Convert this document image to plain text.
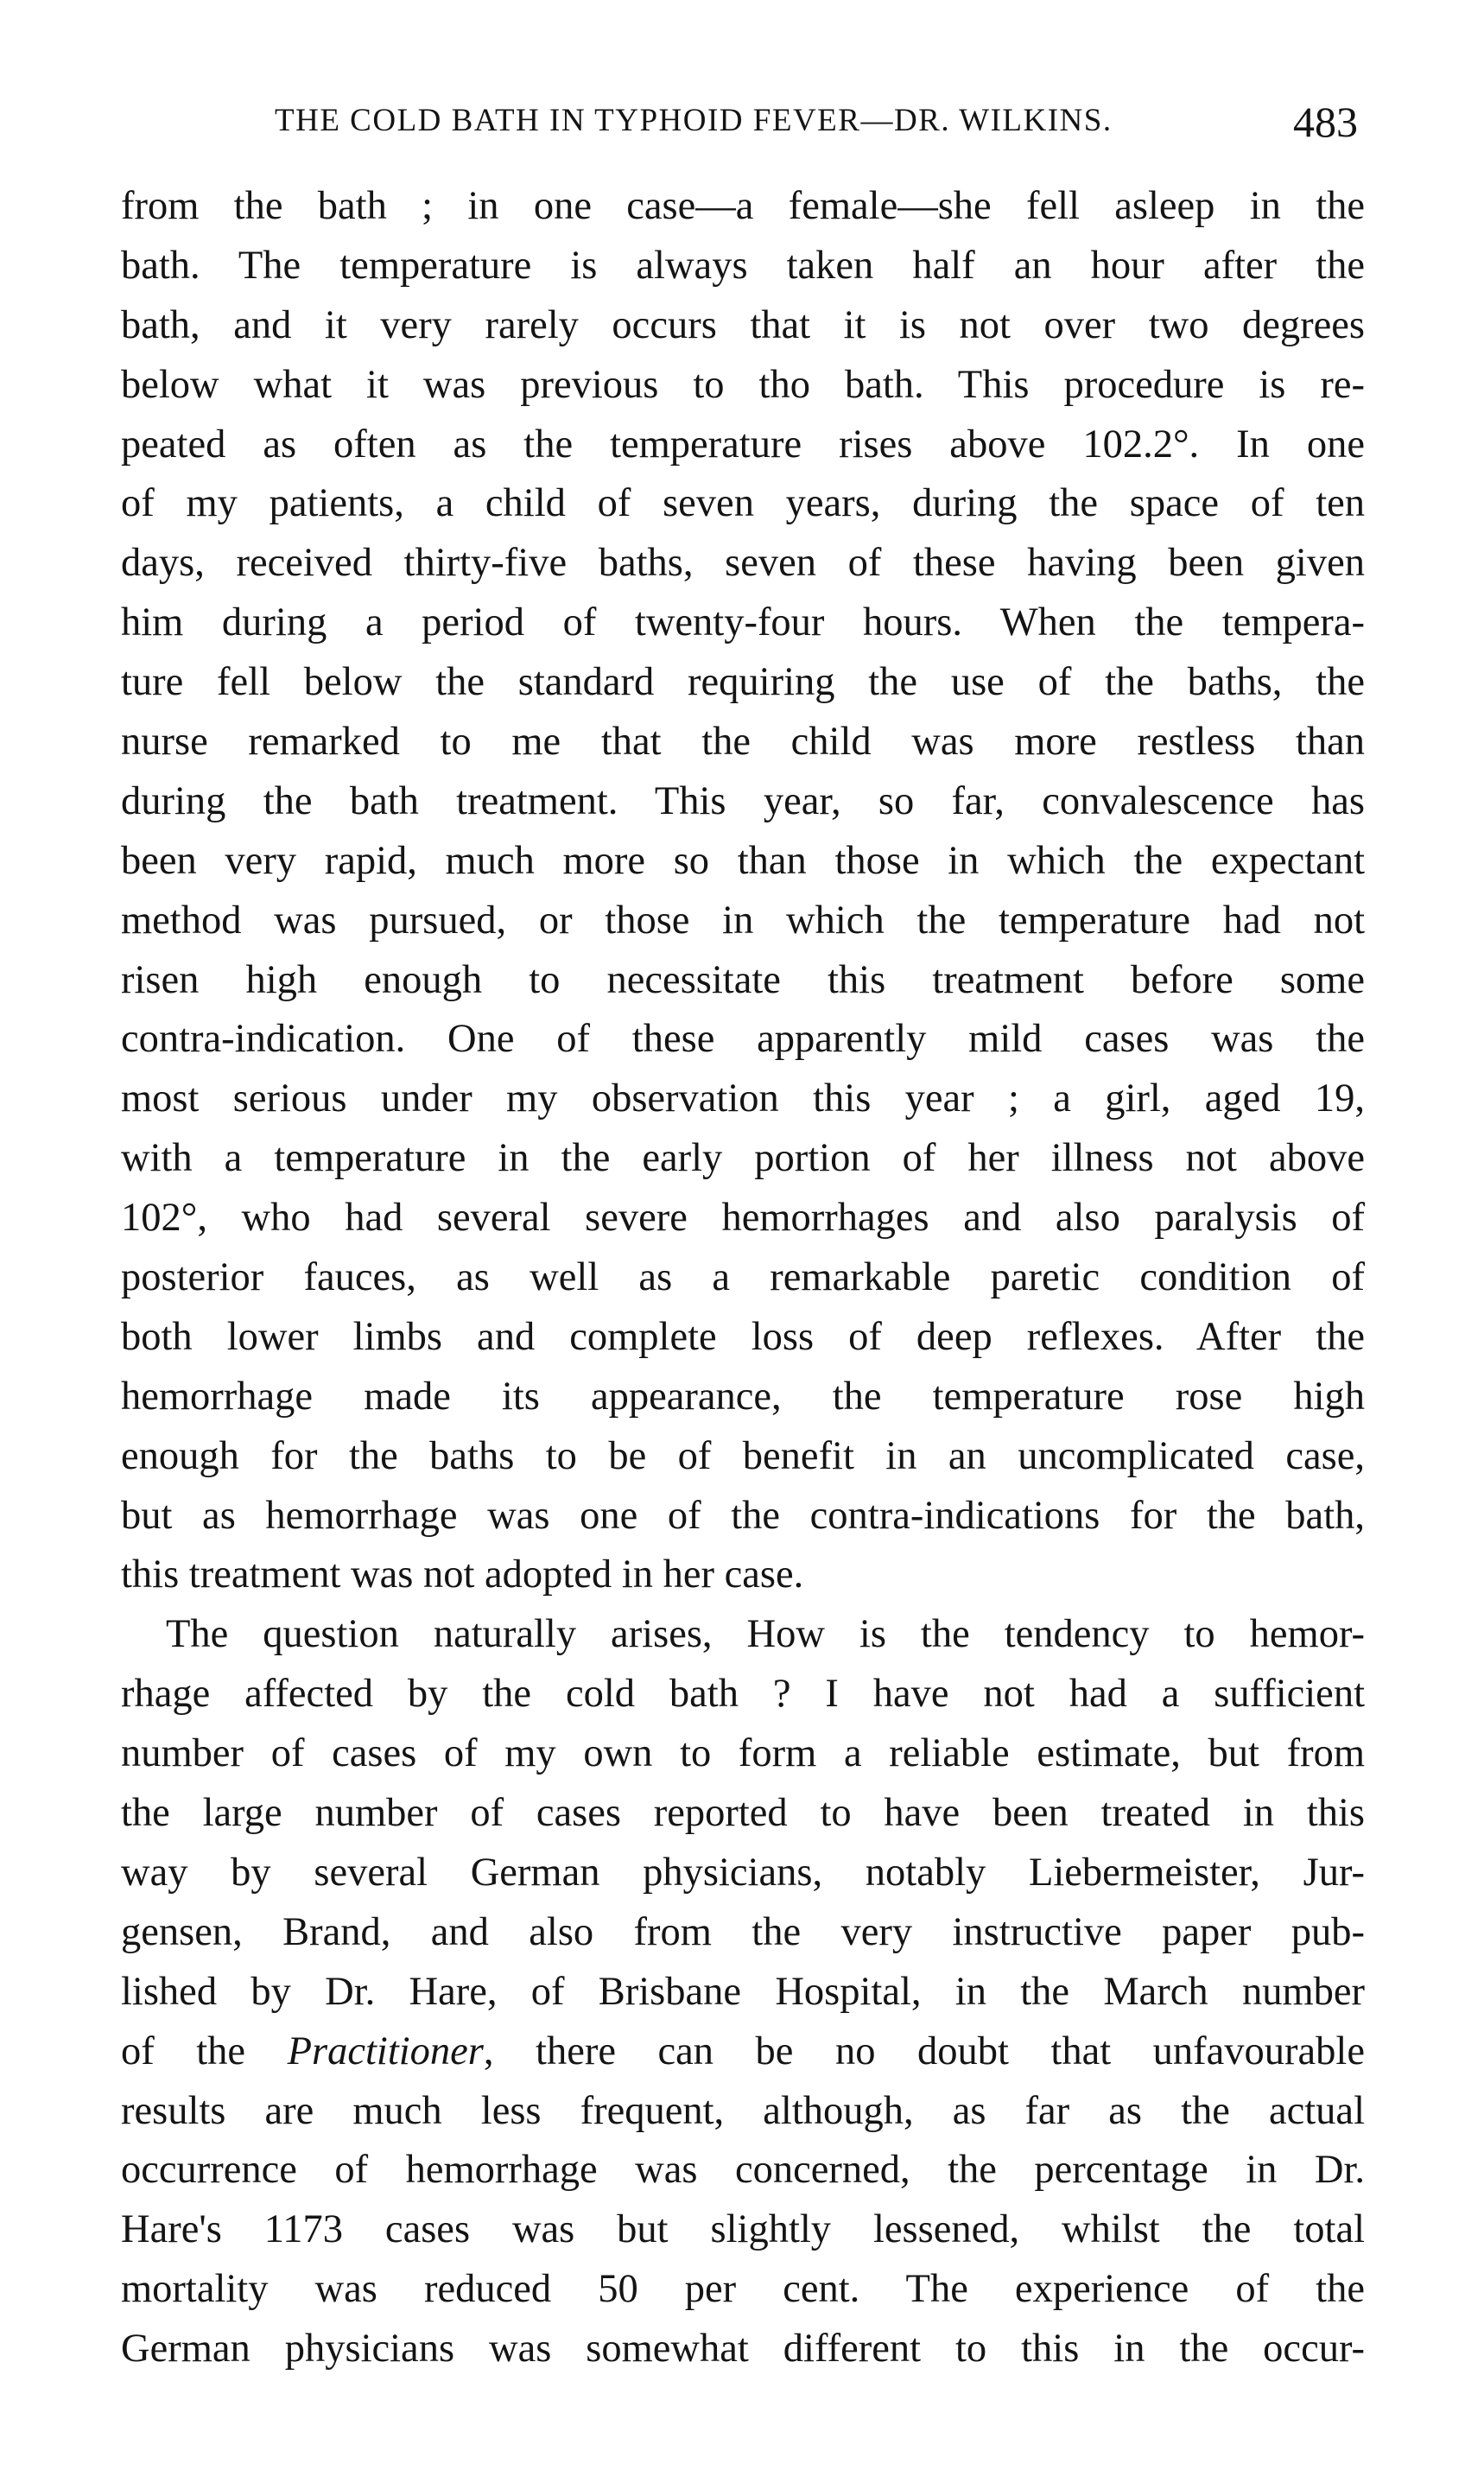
THE COLD BATH IN TYPHOID FEVER—DR. WILKINS.	483
from the bath ; in one case—a female—she fell asleep in the
bath. The temperature is always taken half an hour after the
bath, and it very rarely occurs that it is not over two degrees
below what it was previous to tho bath. This procedure is re-
peated as often as the temperature rises above 102.2°. In one
of my patients, a child of seven years, during the space of ten
days, received thirty-five baths, seven of these having been given
him during a period of twenty-four hours. When the tempera-
ture fell below the standard requiring the use of the baths, the
nurse remarked to me that the child was more restless than
during the bath treatment. This year, so far, convalescence has
been very rapid, much more so than those in which the expectant
method was pursued, or those in which the temperature had not
risen high enough to necessitate this treatment before some
contra-indication. One of these apparently mild cases was the
most serious under my observation this year ; a girl, aged 19,
with a temperature in the early portion of her illness not above
102°, who had several severe hemorrhages and also paralysis of
posterior fauces, as well as a remarkable paretic condition of
both lower limbs and complete loss of deep reflexes. After the
hemorrhage made its appearance, the temperature rose high
enough for the baths to be of benefit in an uncomplicated case,
but as hemorrhage was one of the contra-indications for the bath,
this treatment was not adopted in her case.
The question naturally arises, How is the tendency to hemor-
rhage affected by the cold bath ? I have not had a sufficient
number of cases of my own to form a reliable estimate, but from
the large number of cases reported to have been treated in this
way by several German physicians, notably Liebermeister, Jur-
gensen, Brand, and also from the very instructive paper pub-
lished by Dr. Hare, of Brisbane Hospital, in the March number
of the Practitioner, there can be no doubt that unfavourable
results are much less frequent, although, as far as the actual
occurrence of hemorrhage was concerned, the percentage in Dr.
Hare's 1173 cases was but slightly lessened, whilst the total
mortality was reduced 50 per cent. The experience of the
German physicians was somewhat different to this in the occur-
